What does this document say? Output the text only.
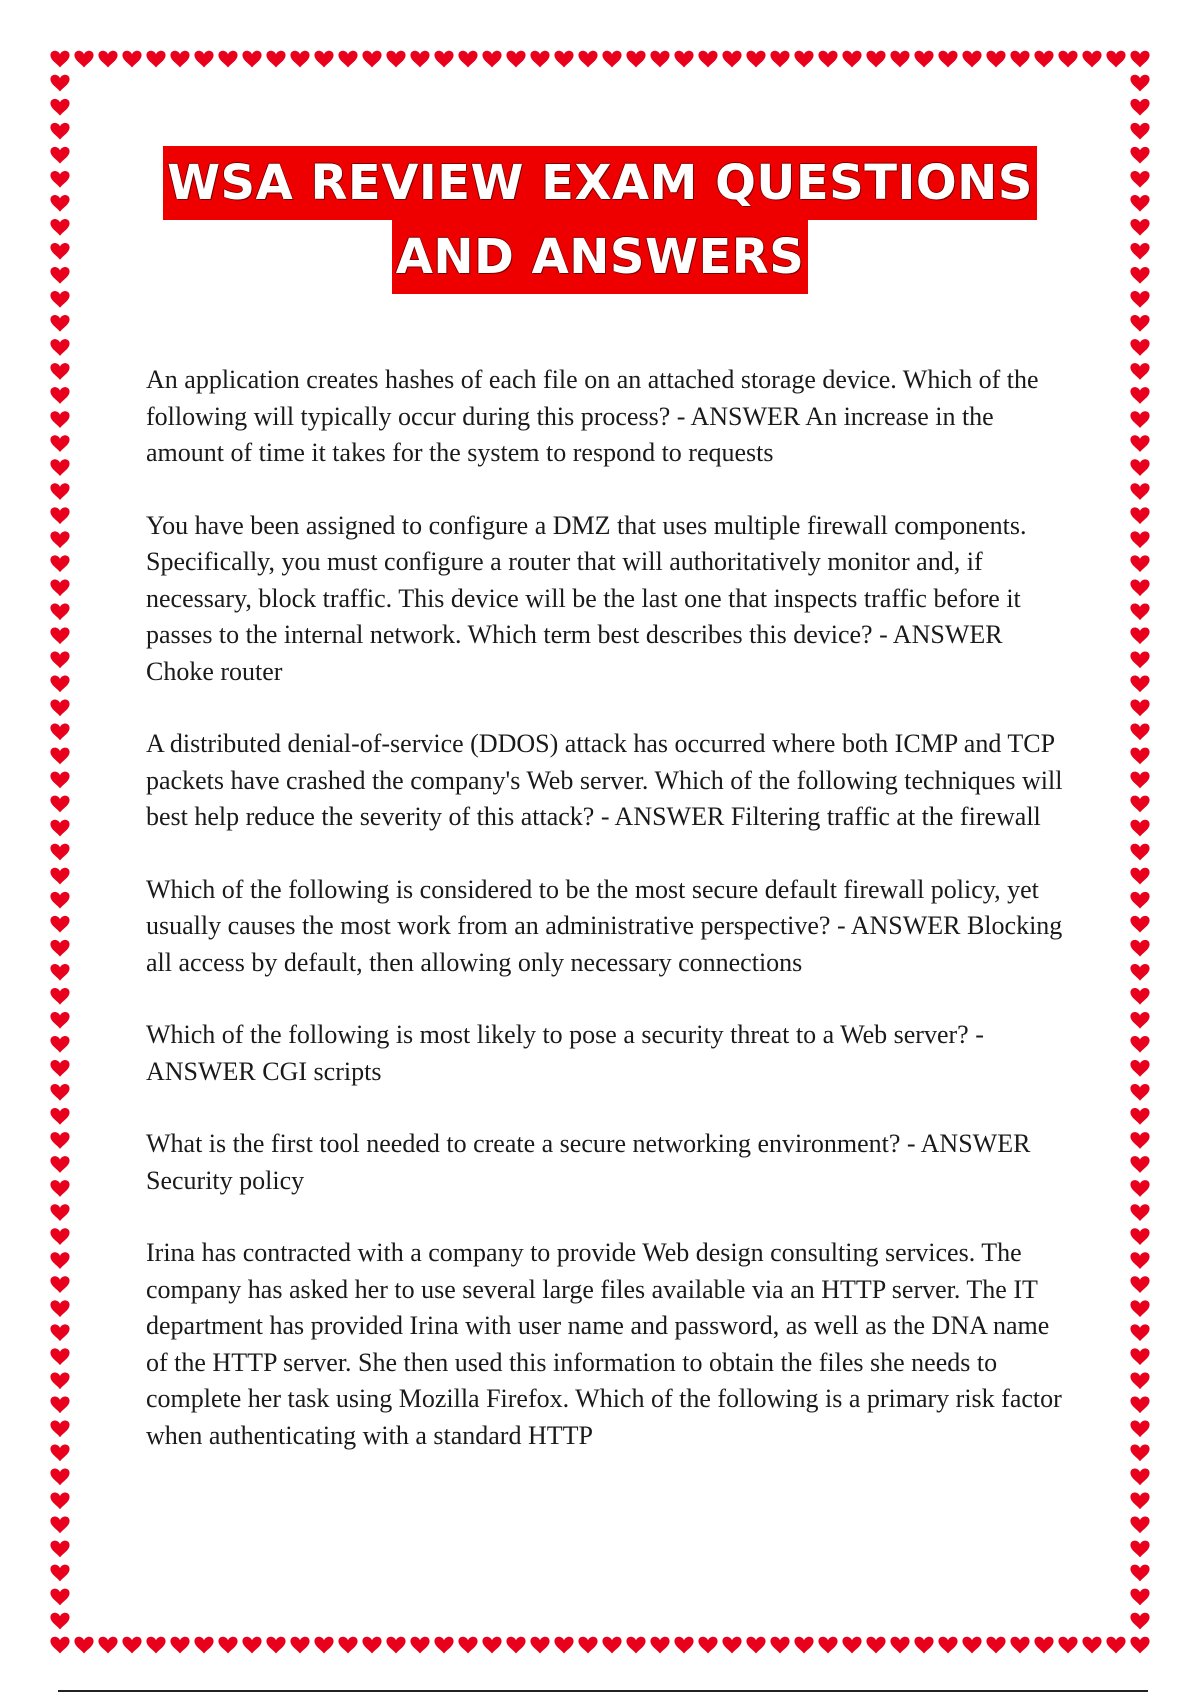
WSA REVIEW EXAM QUESTIONS
AND ANSWERS

An application creates hashes of each file on an attached storage device. Which of the following will typically occur during this process? - ANSWER An increase in the amount of time it takes for the system to respond to requests

You have been assigned to configure a DMZ that uses multiple firewall components. Specifically, you must configure a router that will authoritatively monitor and, if necessary, block traffic. This device will be the last one that inspects traffic before it passes to the internal network. Which term best describes this device? - ANSWER Choke router

A distributed denial-of-service (DDOS) attack has occurred where both ICMP and TCP packets have crashed the company's Web server. Which of the following techniques will best help reduce the severity of this attack? - ANSWER Filtering traffic at the firewall

Which of the following is considered to be the most secure default firewall policy, yet usually causes the most work from an administrative perspective? - ANSWER Blocking all access by default, then allowing only necessary connections

Which of the following is most likely to pose a security threat to a Web server? - ANSWER CGI scripts

What is the first tool needed to create a secure networking environment? - ANSWER Security policy

Irina has contracted with a company to provide Web design consulting services. The company has asked her to use several large files available via an HTTP server. The IT department has provided Irina with user name and password, as well as the DNA name of the HTTP server. She then used this information to obtain the files she needs to complete her task using Mozilla Firefox. Which of the following is a primary risk factor when authenticating with a standard HTTP
